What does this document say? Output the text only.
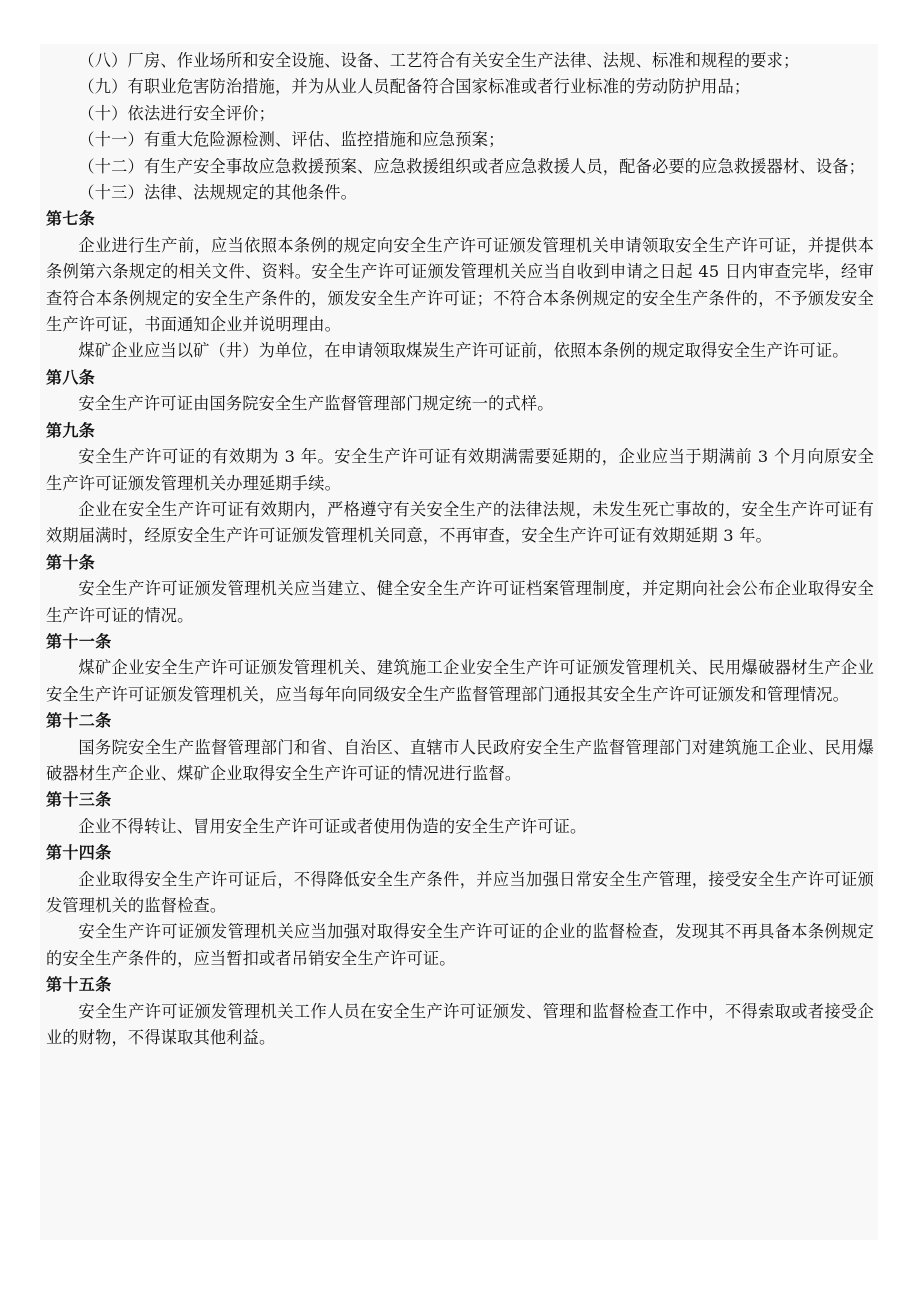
（八）厂房、作业场所和安全设施、设备、工艺符合有关安全生产法律、法规、标准和规程的要求；

（九）有职业危害防治措施，并为从业人员配备符合国家标准或者行业标准的劳动防护用品；

（十）依法进行安全评价；

（十一）有重大危险源检测、评估、监控措施和应急预案；

（十二）有生产安全事故应急救援预案、应急救援组织或者应急救援人员，配备必要的应急救援器材、设备；

（十三）法律、法规规定的其他条件。

第七条

企业进行生产前，应当依照本条例的规定向安全生产许可证颁发管理机关申请领取安全生产许可证，并提供本条例第六条规定的相关文件、资料。安全生产许可证颁发管理机关应当自收到申请之日起 45 日内审查完毕，经审查符合本条例规定的安全生产条件的，颁发安全生产许可证；不符合本条例规定的安全生产条件的，不予颁发安全生产许可证，书面通知企业并说明理由。

煤矿企业应当以矿（井）为单位，在申请领取煤炭生产许可证前，依照本条例的规定取得安全生产许可证。

第八条

安全生产许可证由国务院安全生产监督管理部门规定统一的式样。

第九条

安全生产许可证的有效期为 3 年。安全生产许可证有效期满需要延期的，企业应当于期满前 3 个月向原安全生产许可证颁发管理机关办理延期手续。

企业在安全生产许可证有效期内，严格遵守有关安全生产的法律法规，未发生死亡事故的，安全生产许可证有效期届满时，经原安全生产许可证颁发管理机关同意，不再审查，安全生产许可证有效期延期 3 年。

第十条

安全生产许可证颁发管理机关应当建立、健全安全生产许可证档案管理制度，并定期向社会公布企业取得安全生产许可证的情况。

第十一条

煤矿企业安全生产许可证颁发管理机关、建筑施工企业安全生产许可证颁发管理机关、民用爆破器材生产企业安全生产许可证颁发管理机关，应当每年向同级安全生产监督管理部门通报其安全生产许可证颁发和管理情况。

第十二条

国务院安全生产监督管理部门和省、自治区、直辖市人民政府安全生产监督管理部门对建筑施工企业、民用爆破器材生产企业、煤矿企业取得安全生产许可证的情况进行监督。

第十三条

企业不得转让、冒用安全生产许可证或者使用伪造的安全生产许可证。

第十四条

企业取得安全生产许可证后，不得降低安全生产条件，并应当加强日常安全生产管理，接受安全生产许可证颁发管理机关的监督检查。

安全生产许可证颁发管理机关应当加强对取得安全生产许可证的企业的监督检查，发现其不再具备本条例规定的安全生产条件的，应当暂扣或者吊销安全生产许可证。

第十五条

安全生产许可证颁发管理机关工作人员在安全生产许可证颁发、管理和监督检查工作中，不得索取或者接受企业的财物，不得谋取其他利益。
